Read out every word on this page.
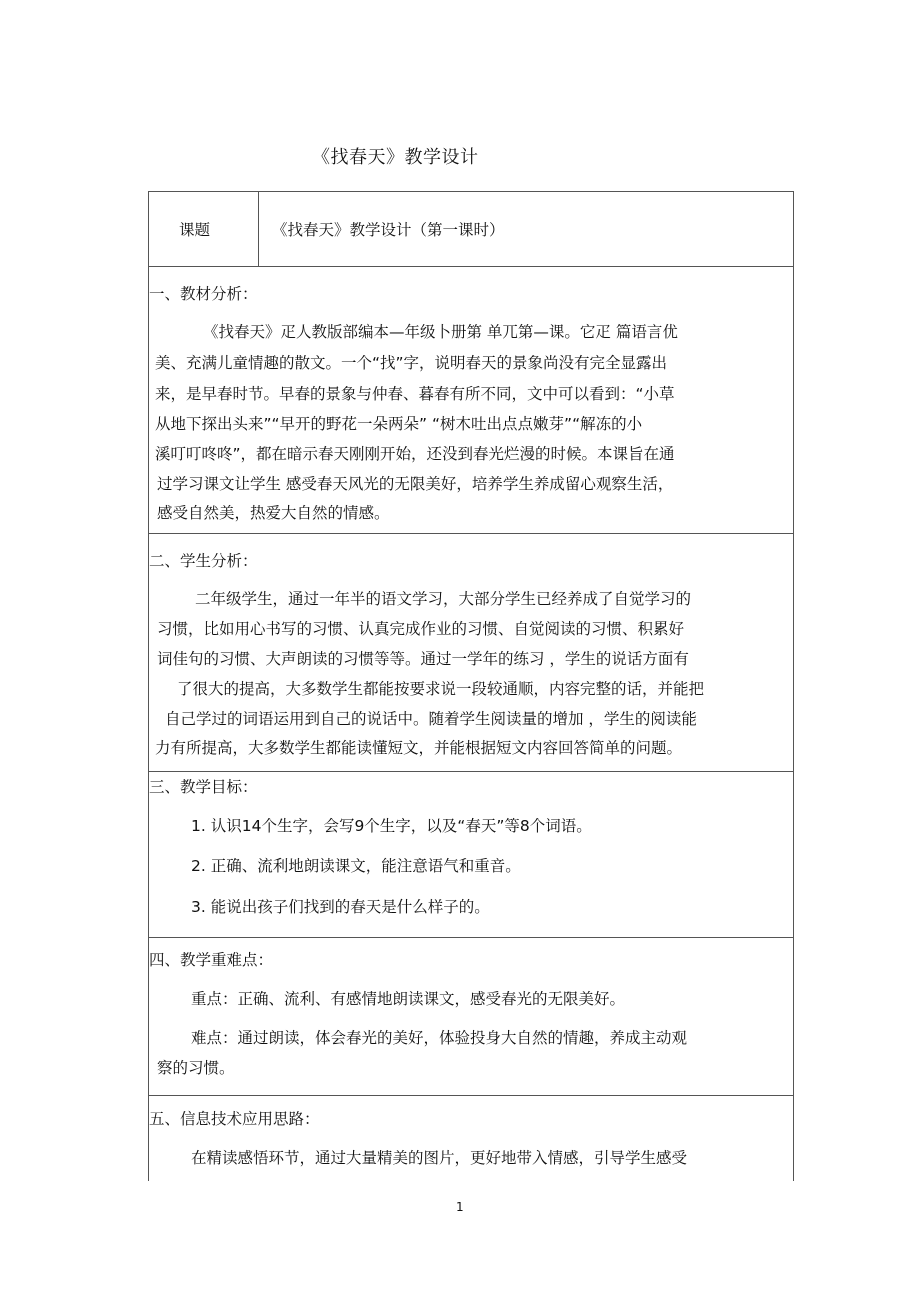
《找春天》教学设计

课题	《找春天》教学设计（第一课时）

一、教材分析：

《找春天》疋人教版部编本—年级卜册第 单兀第—课。它疋 篇语言优

美、充满儿童情趣的散文。一个“找”字，说明春天的景象尚没有完全显露出

来，是早春时节。早春的景象与仲春、暮春有所不同，文中可以看到：“小草

从地下探出头来”“早开的野花一朵两朵” “树木吐出点点嫩芽”“解冻的小

溪叮叮咚咚”，都在暗示春天刚刚开始，还没到春光烂漫的时候。本课旨在通

过学习课文让学生 感受春天风光的无限美好，培养学生养成留心观察生活，

感受自然美，热爱大自然的情感。

二、学生分析：

二年级学生，通过一年半的语文学习，大部分学生已经养成了自觉学习的

习惯，比如用心书写的习惯、认真完成作业的习惯、自觉阅读的习惯、积累好

词佳句的习惯、大声朗读的习惯等等。通过一学年的练习 ，学生的说话方面有

了很大的提高，大多数学生都能按要求说一段较通顺，内容完整的话，并能把

自己学过的词语运用到自己的说话中。随着学生阅读量的增加 ，学生的阅读能

力有所提高，大多数学生都能读懂短文，并能根据短文内容回答简单的问题。

三、教学目标：

1. 认识14个生字，会写9个生字，以及“春天”等8个词语。

2. 正确、流利地朗读课文，能注意语气和重音。

3. 能说出孩子们找到的春天是什么样子的。

四、教学重难点：

重点：正确、流利、有感情地朗读课文，感受春光的无限美好。

难点：通过朗读，体会春光的美好，体验投身大自然的情趣，养成主动观

察的习惯。

五、信息技术应用思路：

在精读感悟环节，通过大量精美的图片，更好地带入情感，引导学生感受

1
